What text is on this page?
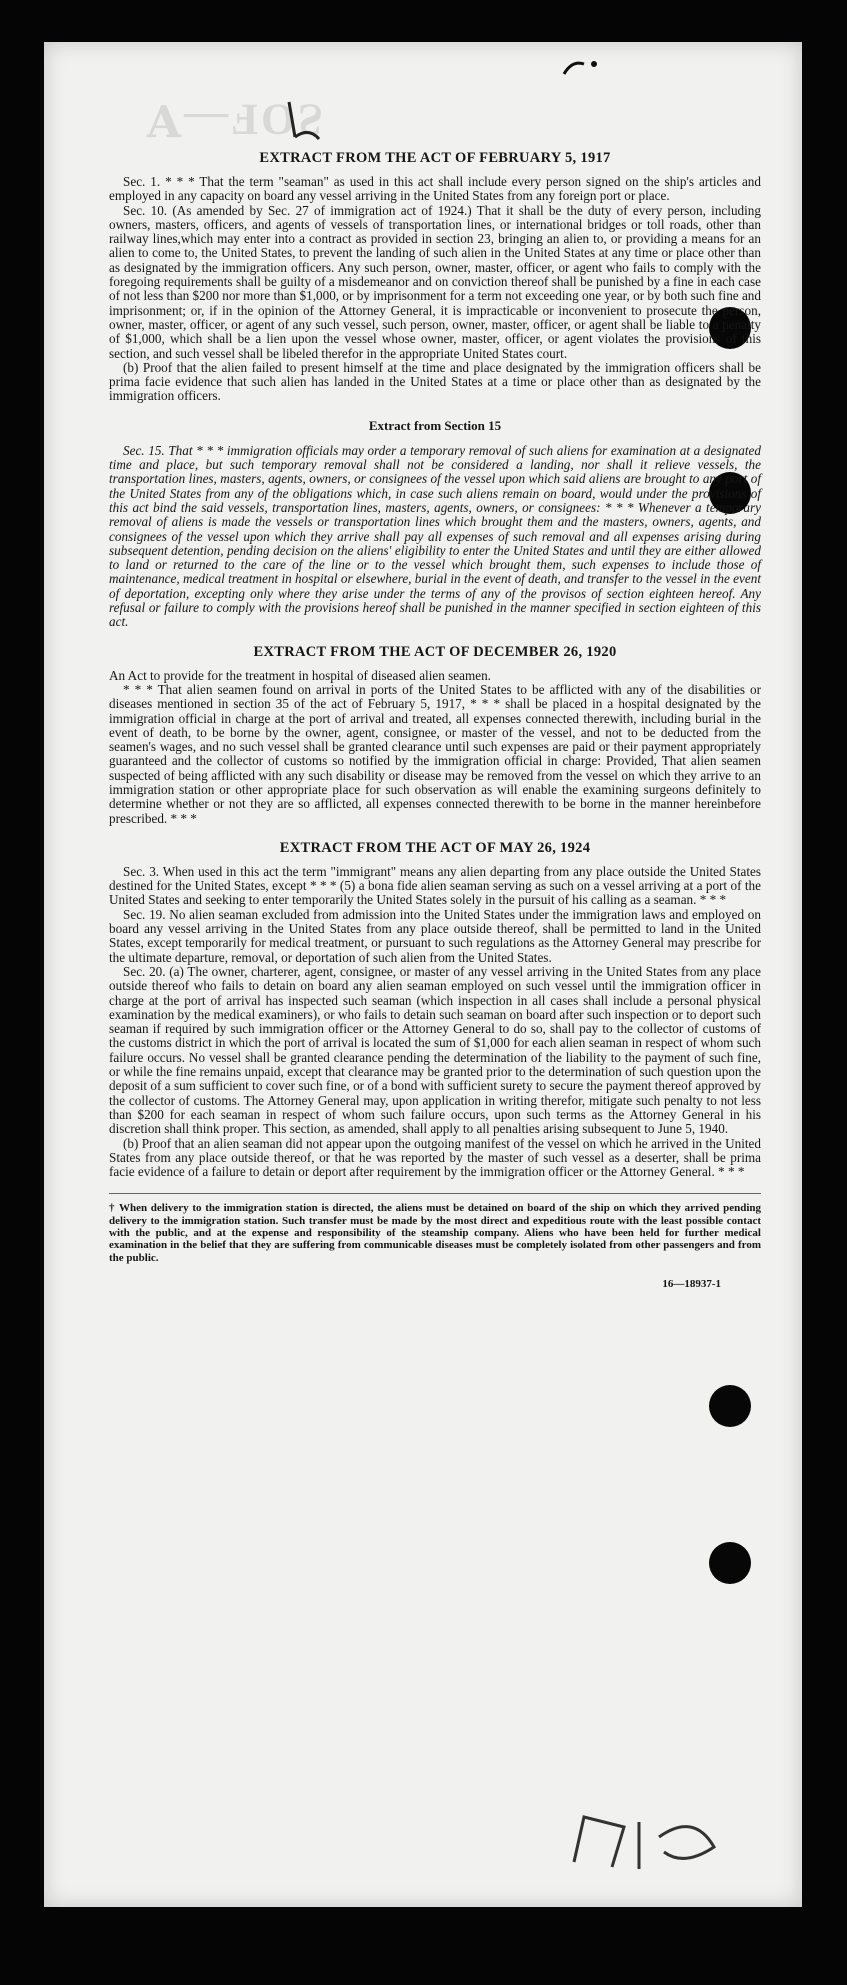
ƧOF—Ɐ
EXTRACT FROM THE ACT OF FEBRUARY 5, 1917

Sec. 1. * * * That the term "seaman" as used in this act shall include every person signed on the ship's articles and employed in any capacity on board any vessel arriving in the United States from any foreign port or place.

Sec. 10. (As amended by Sec. 27 of immigration act of 1924.) That it shall be the duty of every person, including owners, masters, officers, and agents of vessels of transportation lines, or international bridges or toll roads, other than railway lines,which may enter into a contract as provided in section 23, bringing an alien to, or providing a means for an alien to come to, the United States, to prevent the landing of such alien in the United States at any time or place other than as designated by the immigration officers. Any such person, owner, master, officer, or agent who fails to comply with the foregoing requirements shall be guilty of a misdemeanor and on conviction thereof shall be punished by a fine in each case of not less than $200 nor more than $1,000, or by imprisonment for a term not exceeding one year, or by both such fine and imprisonment; or, if in the opinion of the Attorney General, it is impracticable or inconvenient to prosecute the person, owner, master, officer, or agent of any such vessel, such person, owner, master, officer, or agent shall be liable to a penalty of $1,000, which shall be a lien upon the vessel whose owner, master, officer, or agent violates the provisions of this section, and such vessel shall be libeled therefor in the appropriate United States court.

(b) Proof that the alien failed to present himself at the time and place designated by the immigration officers shall be prima facie evidence that such alien has landed in the United States at a time or place other than as designated by the immigration officers.

Extract from Section 15

Sec. 15. That * * * immigration officials may order a temporary removal of such aliens for examination at a designated time and place, but such temporary removal shall not be considered a landing, nor shall it relieve vessels, the transportation lines, masters, agents, owners, or consignees of the vessel upon which said aliens are brought to any port of the United States from any of the obligations which, in case such aliens remain on board, would under the provisions of this act bind the said vessels, transportation lines, masters, agents, owners, or consignees: * * * Whenever a temporary removal of aliens is made the vessels or transportation lines which brought them and the masters, owners, agents, and consignees of the vessel upon which they arrive shall pay all expenses of such removal and all expenses arising during subsequent detention, pending decision on the aliens' eligibility to enter the United States and until they are either allowed to land or returned to the care of the line or to the vessel which brought them, such expenses to include those of maintenance, medical treatment in hospital or elsewhere, burial in the event of death, and transfer to the vessel in the event of deportation, excepting only where they arise under the terms of any of the provisos of section eighteen hereof. Any refusal or failure to comply with the provisions hereof shall be punished in the manner specified in section eighteen of this act.

EXTRACT FROM THE ACT OF DECEMBER 26, 1920

An Act to provide for the treatment in hospital of diseased alien seamen.

* * * That alien seamen found on arrival in ports of the United States to be afflicted with any of the disabilities or diseases mentioned in section 35 of the act of February 5, 1917, * * * shall be placed in a hospital designated by the immigration official in charge at the port of arrival and treated, all expenses connected therewith, including burial in the event of death, to be borne by the owner, agent, consignee, or master of the vessel, and not to be deducted from the seamen's wages, and no such vessel shall be granted clearance until such expenses are paid or their payment appropriately guaranteed and the collector of customs so notified by the immigration official in charge: Provided, That alien seamen suspected of being afflicted with any such disability or disease may be removed from the vessel on which they arrive to an immigration station or other appropriate place for such observation as will enable the examining surgeons definitely to determine whether or not they are so afflicted, all expenses connected therewith to be borne in the manner hereinbefore prescribed. * * *

EXTRACT FROM THE ACT OF MAY 26, 1924

Sec. 3. When used in this act the term "immigrant" means any alien departing from any place outside the United States destined for the United States, except * * * (5) a bona fide alien seaman serving as such on a vessel arriving at a port of the United States and seeking to enter temporarily the United States solely in the pursuit of his calling as a seaman. * * *

Sec. 19. No alien seaman excluded from admission into the United States under the immigration laws and employed on board any vessel arriving in the United States from any place outside thereof, shall be permitted to land in the United States, except temporarily for medical treatment, or pursuant to such regulations as the Attorney General may prescribe for the ultimate departure, removal, or deportation of such alien from the United States.

Sec. 20. (a) The owner, charterer, agent, consignee, or master of any vessel arriving in the United States from any place outside thereof who fails to detain on board any alien seaman employed on such vessel until the immigration officer in charge at the port of arrival has inspected such seaman (which inspection in all cases shall include a personal physical examination by the medical examiners), or who fails to detain such seaman on board after such inspection or to deport such seaman if required by such immigration officer or the Attorney General to do so, shall pay to the collector of customs of the customs district in which the port of arrival is located the sum of $1,000 for each alien seaman in respect of whom such failure occurs. No vessel shall be granted clearance pending the determination of the liability to the payment of such fine, or while the fine remains unpaid, except that clearance may be granted prior to the determination of such question upon the deposit of a sum sufficient to cover such fine, or of a bond with sufficient surety to secure the payment thereof approved by the collector of customs. The Attorney General may, upon application in writing therefor, mitigate such penalty to not less than $200 for each seaman in respect of whom such failure occurs, upon such terms as the Attorney General in his discretion shall think proper. This section, as amended, shall apply to all penalties arising subsequent to June 5, 1940.

(b) Proof that an alien seaman did not appear upon the outgoing manifest of the vessel on which he arrived in the United States from any place outside thereof, or that he was reported by the master of such vessel as a deserter, shall be prima facie evidence of a failure to detain or deport after requirement by the immigration officer or the Attorney General. * * *

† When delivery to the immigration station is directed, the aliens must be detained on board of the ship on which they arrived pending delivery to the immigration station. Such transfer must be made by the most direct and expeditious route with the least possible contact with the public, and at the expense and responsibility of the steamship company. Aliens who have been held for further medical examination in the belief that they are suffering from communicable diseases must be completely isolated from other passengers and from the public.
16—18937-1
